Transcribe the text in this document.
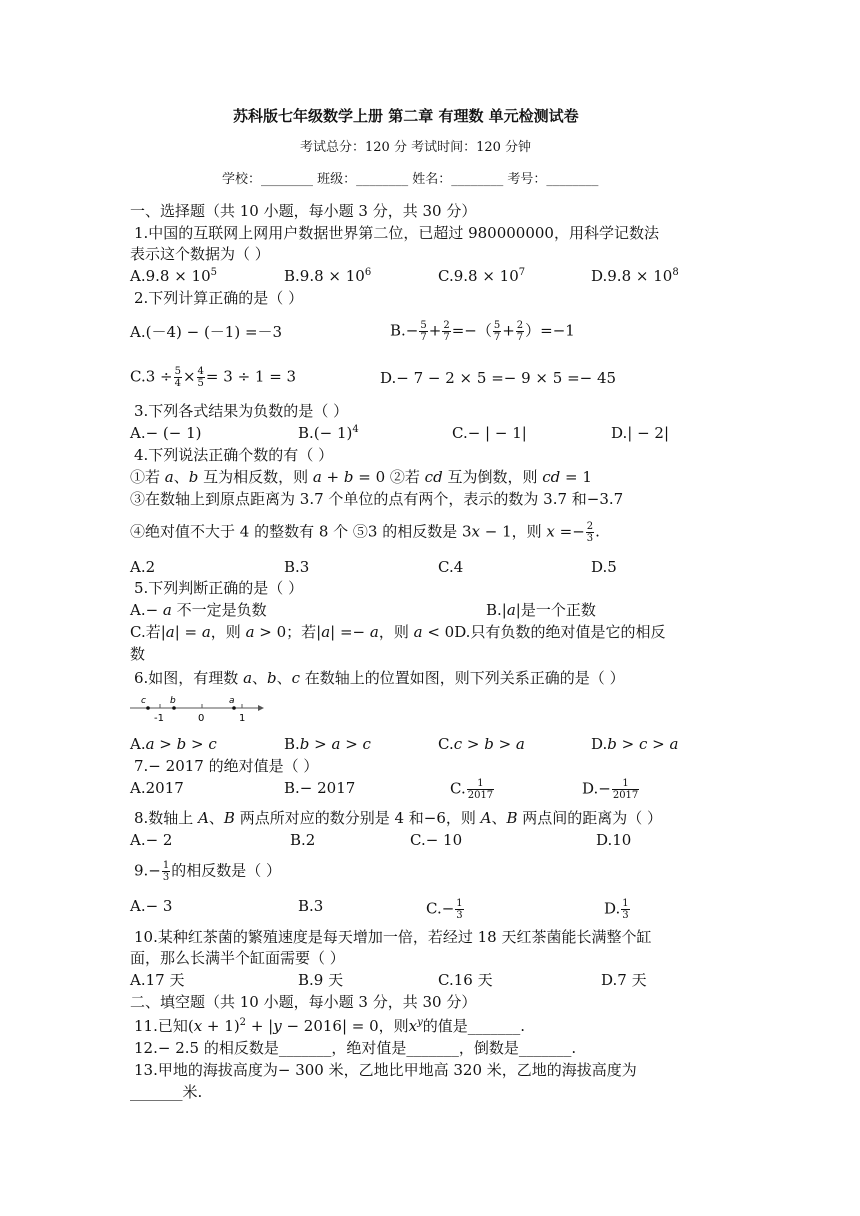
苏科版七年级数学上册 第二章 有理数 单元检测试卷
考试总分：120 分 考试时间：120 分钟
学校：________ 班级：________ 姓名：________ 考号：________
一、选择题（共 10 小题，每小题 3 分，共 30 分）
1.中国的互联网上网用户数据世界第二位，已超过 980000000，用科学记数法
表示这个数据为（ ）
$A.9.8 \times 10^5$	$B.9.8 \times 10^6$	$C.9.8 \times 10^7$	$D.9.8 \times 10^8$
2.下列计算正确的是（ ）
A.(－4) − (－1) =－3	$B.- \frac{5}{7} + \frac{2}{7}$ =−（ $\frac{5}{7} + \frac{2}{7} )=-1$
$C.3 \div \frac{5}{4} \times \frac{4}{5} = 3 \div 1 = 3$	D.− 7 − 2 × 5 =− 9 × 5 =− 45
3.下列各式结果为负数的是（ ）
A.− (− 1)	$B.(- 1)^4$	C.− | − 1|	D.| − 2|
4.下列说法正确个数的有（ ）
①若 𝑎、𝑏 互为相反数，则 𝑎 + 𝑏 = 0 ②若 𝑐𝑑 互为倒数，则 𝑐𝑑 = 1
③在数轴上到原点距离为 3.7 个单位的点有两个，表示的数为 3.7 和−3.7
④绝对值不大于 4 的整数有 8 个 ⑤3 的相反数是 3𝑥 − 1，则 𝑥 =− $\frac{2}{3}$ .
A.2	B.3	C.4	D.5
5.下列判断正确的是（ ）
A.− 𝑎 不一定是负数	B.|𝑎|是一个正数
C.若|𝑎| = 𝑎，则 𝑎 > 0；若|𝑎| =− 𝑎，则 𝑎 < 0D.只有负数的绝对值是它的相反
数
6.如图，有理数 𝑎、𝑏、𝑐 在数轴上的位置如图，则下列关系正确的是（ ）
c	b	a
-1	0	1
A.𝑎 > 𝑏 > 𝑐	B.𝑏 > 𝑎 > 𝑐	C.𝑐 > 𝑏 > 𝑎	D.𝑏 > 𝑐 > 𝑎
7.− 2017 的绝对值是（ ）
A.2017	B.− 2017	C. $\frac{1}{2017}$	$D.- \frac{1}{2017}$
8.数轴上 𝐴、𝐵 两点所对应的数分别是 4 和−6，则 𝐴、𝐵 两点间的距离为（ ）
A.− 2	B.2	C.− 10	D.10
$9.- \frac{1}{3}$ 的相反数是（ ）
A.− 3	B.3	$C.- \frac{1}{3}$	D. $\frac{1}{3}$
10.某种红茶菌的繁殖速度是每天增加一倍，若经过 18 天红茶菌能长满整个缸
面，那么长满半个缸面需要（ ）
A.17 天	B.9 天	C.16 天	D.7 天
二、填空题（共 10 小题，每小题 3 分，共 30 分）
11.已知(𝑥 + 1)$^2$ + |𝑦 − 2016| = 0，则𝑥$^𝑦$的值是_______.
12.− 2.5 的相反数是_______，绝对值是_______，倒数是_______.
13.甲地的海拔高度为− 300 米，乙地比甲地高 320 米，乙地的海拔高度为
_______米.
